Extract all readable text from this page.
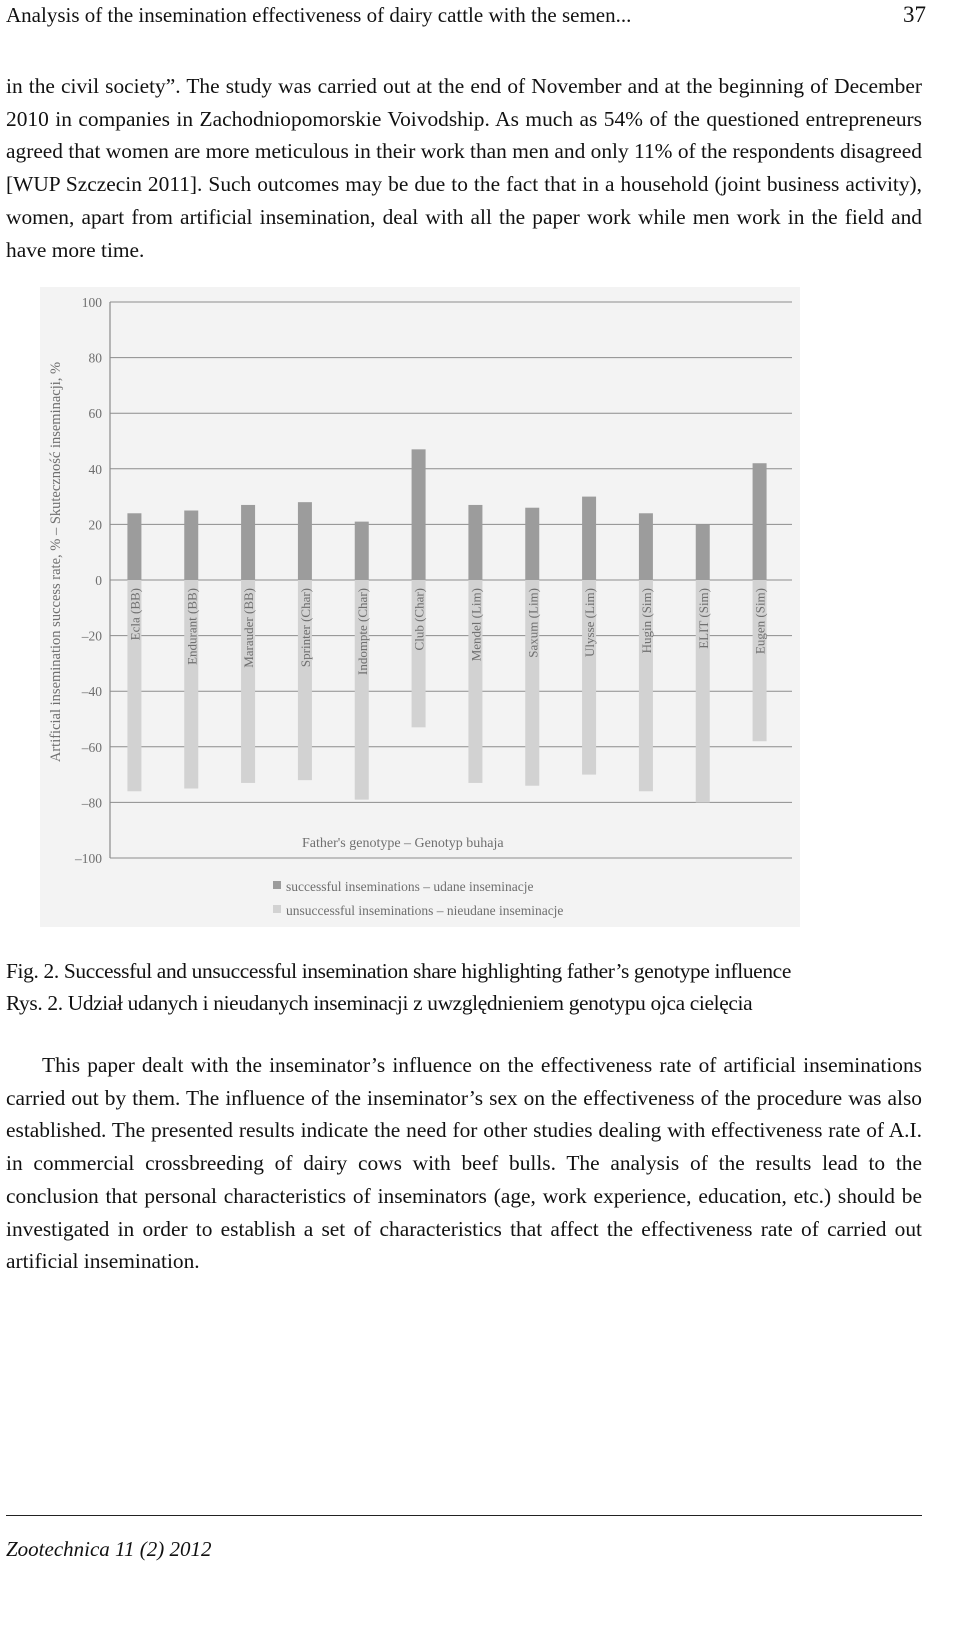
Analysis of the insemination effectiveness of dairy cattle with the semen...	37

in the civil society”. The study was carried out at the end of November and at the beginning of December 2010 in companies in Zachodniopomorskie Voivodship. As much as 54% of the questioned entrepreneurs agreed that women are more meticulous in their work than men and only 11% of the respondents disagreed [WUP Szczecin 2011]. Such outcomes may be due to the fact that in a household (joint business activity), women, apart from artificial insemination, deal with all the paper work while men work in the field and have more time.

100
80
60
40
20
0
–20
–40
–60
–80
–100
Ecla (BB)	Endurant (BB)	Marauder (BB)	Sprinter (Char)	Indompte (Char)	Club (Char)	Mendel (Lim)	Saxum (Lim)	Ulysse (Lim)	Hugin (Sim)	ELIT (Sim)	Eugen (Sim)
Artificial insemination success rate, % – Skuteczność inseminacji, %
Father's genotype – Genotyp buhaja
successful inseminations – udane inseminacje
unsuccessful inseminations – nieudane inseminacje
Fig. 2. Successful and unsuccessful insemination share highlighting father’s genotype influence
Rys. 2. Udział udanych i nieudanych inseminacji z uwzględnieniem genotypu ojca cielęcia

This paper dealt with the inseminator’s influence on the effectiveness rate of artificial inseminations carried out by them. The influence of the inseminator’s sex on the effectiveness of the procedure was also established. The presented results indicate the need for other studies dealing with effectiveness rate of A.I. in commercial crossbreeding of dairy cows with beef bulls. The analysis of the results lead to the conclusion that personal characteristics of inseminators (age, work experience, education, etc.) should be investigated in order to establish a set of characteristics that affect the effectiveness rate of carried out artificial insemination.

Zootechnica 11 (2) 2012
